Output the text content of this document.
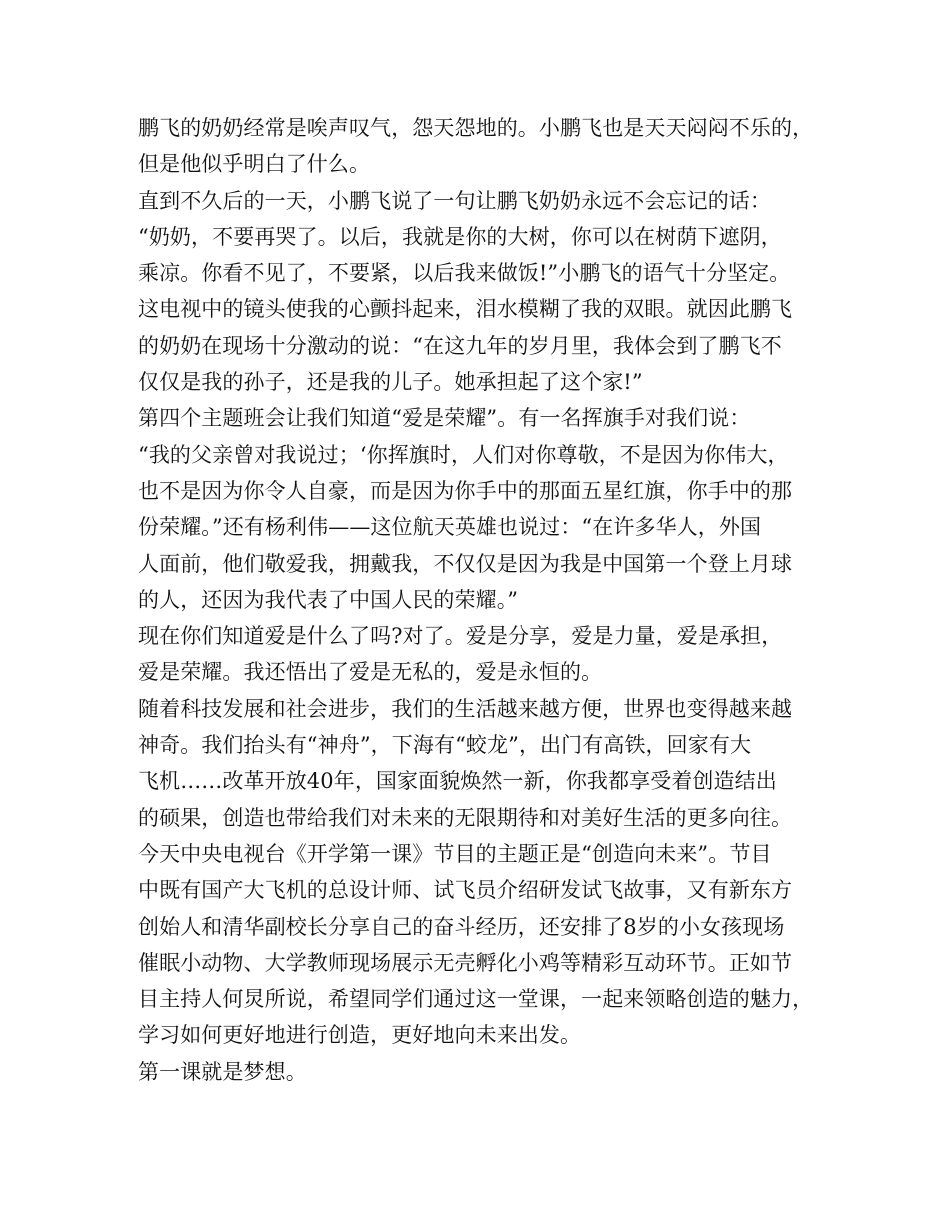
鹏飞的奶奶经常是唉声叹气，怨天怨地的。小鹏飞也是天天闷闷不乐的，
但是他似乎明白了什么。
直到不久后的一天，小鹏飞说了一句让鹏飞奶奶永远不会忘记的话：
“奶奶，不要再哭了。以后，我就是你的大树，你可以在树荫下遮阴，
乘凉。你看不见了，不要紧，以后我来做饭!”小鹏飞的语气十分坚定。
这电视中的镜头使我的心颤抖起来，泪水模糊了我的双眼。就因此鹏飞
的奶奶在现场十分激动的说：“在这九年的岁月里，我体会到了鹏飞不
仅仅是我的孙子，还是我的儿子。她承担起了这个家!”
第四个主题班会让我们知道“爱是荣耀”。有一名挥旗手对我们说：
“我的父亲曾对我说过；‘你挥旗时，人们对你尊敬，不是因为你伟大，
也不是因为你令人自豪，而是因为你手中的那面五星红旗，你手中的那
份荣耀。”还有杨利伟——这位航天英雄也说过：“在许多华人，外国
人面前，他们敬爱我，拥戴我，不仅仅是因为我是中国第一个登上月球
的人，还因为我代表了中国人民的荣耀。”
现在你们知道爱是什么了吗?对了。爱是分享，爱是力量，爱是承担，
爱是荣耀。我还悟出了爱是无私的，爱是永恒的。
随着科技发展和社会进步，我们的生活越来越方便，世界也变得越来越
神奇。我们抬头有“神舟”，下海有“蛟龙”，出门有高铁，回家有大
飞机……改革开放40年，国家面貌焕然一新，你我都享受着创造结出
的硕果，创造也带给我们对未来的无限期待和对美好生活的更多向往。
今天中央电视台《开学第一课》节目的主题正是“创造向未来”。节目
中既有国产大飞机的总设计师、试飞员介绍研发试飞故事，又有新东方
创始人和清华副校长分享自己的奋斗经历，还安排了8岁的小女孩现场
催眠小动物、大学教师现场展示无壳孵化小鸡等精彩互动环节。正如节
目主持人何炅所说，希望同学们通过这一堂课，一起来领略创造的魅力，
学习如何更好地进行创造，更好地向未来出发。
第一课就是梦想。
